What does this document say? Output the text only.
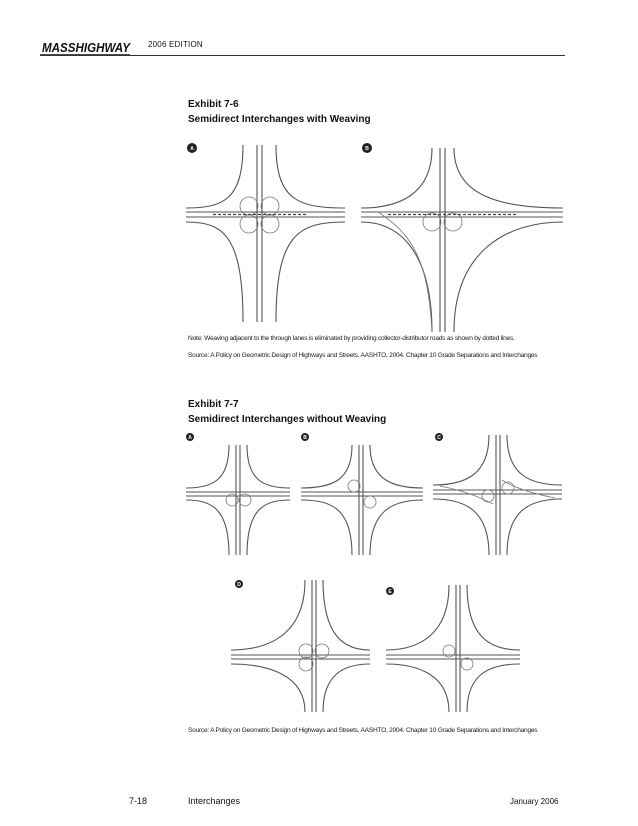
MASSHIGHWAY 2006 EDITION
Exhibit 7-6
Semidirect Interchanges with Weaving
A	B
Note: Weaving adjacent to the through lanes is eliminated by providing collector-distributor roads as shown by dotted lines.
Source: A Policy on Geometric Design of Highways and Streets, AASHTO, 2004. Chapter 10 Grade Separations and Interchanges
Exhibit 7-7
Semidirect Interchanges without Weaving
A	B	C
D
E
Source: A Policy on Geometric Design of Highways and Streets, AASHTO, 2004. Chapter 10 Grade Separations and Interchanges
7-18	Interchanges	January 2006
